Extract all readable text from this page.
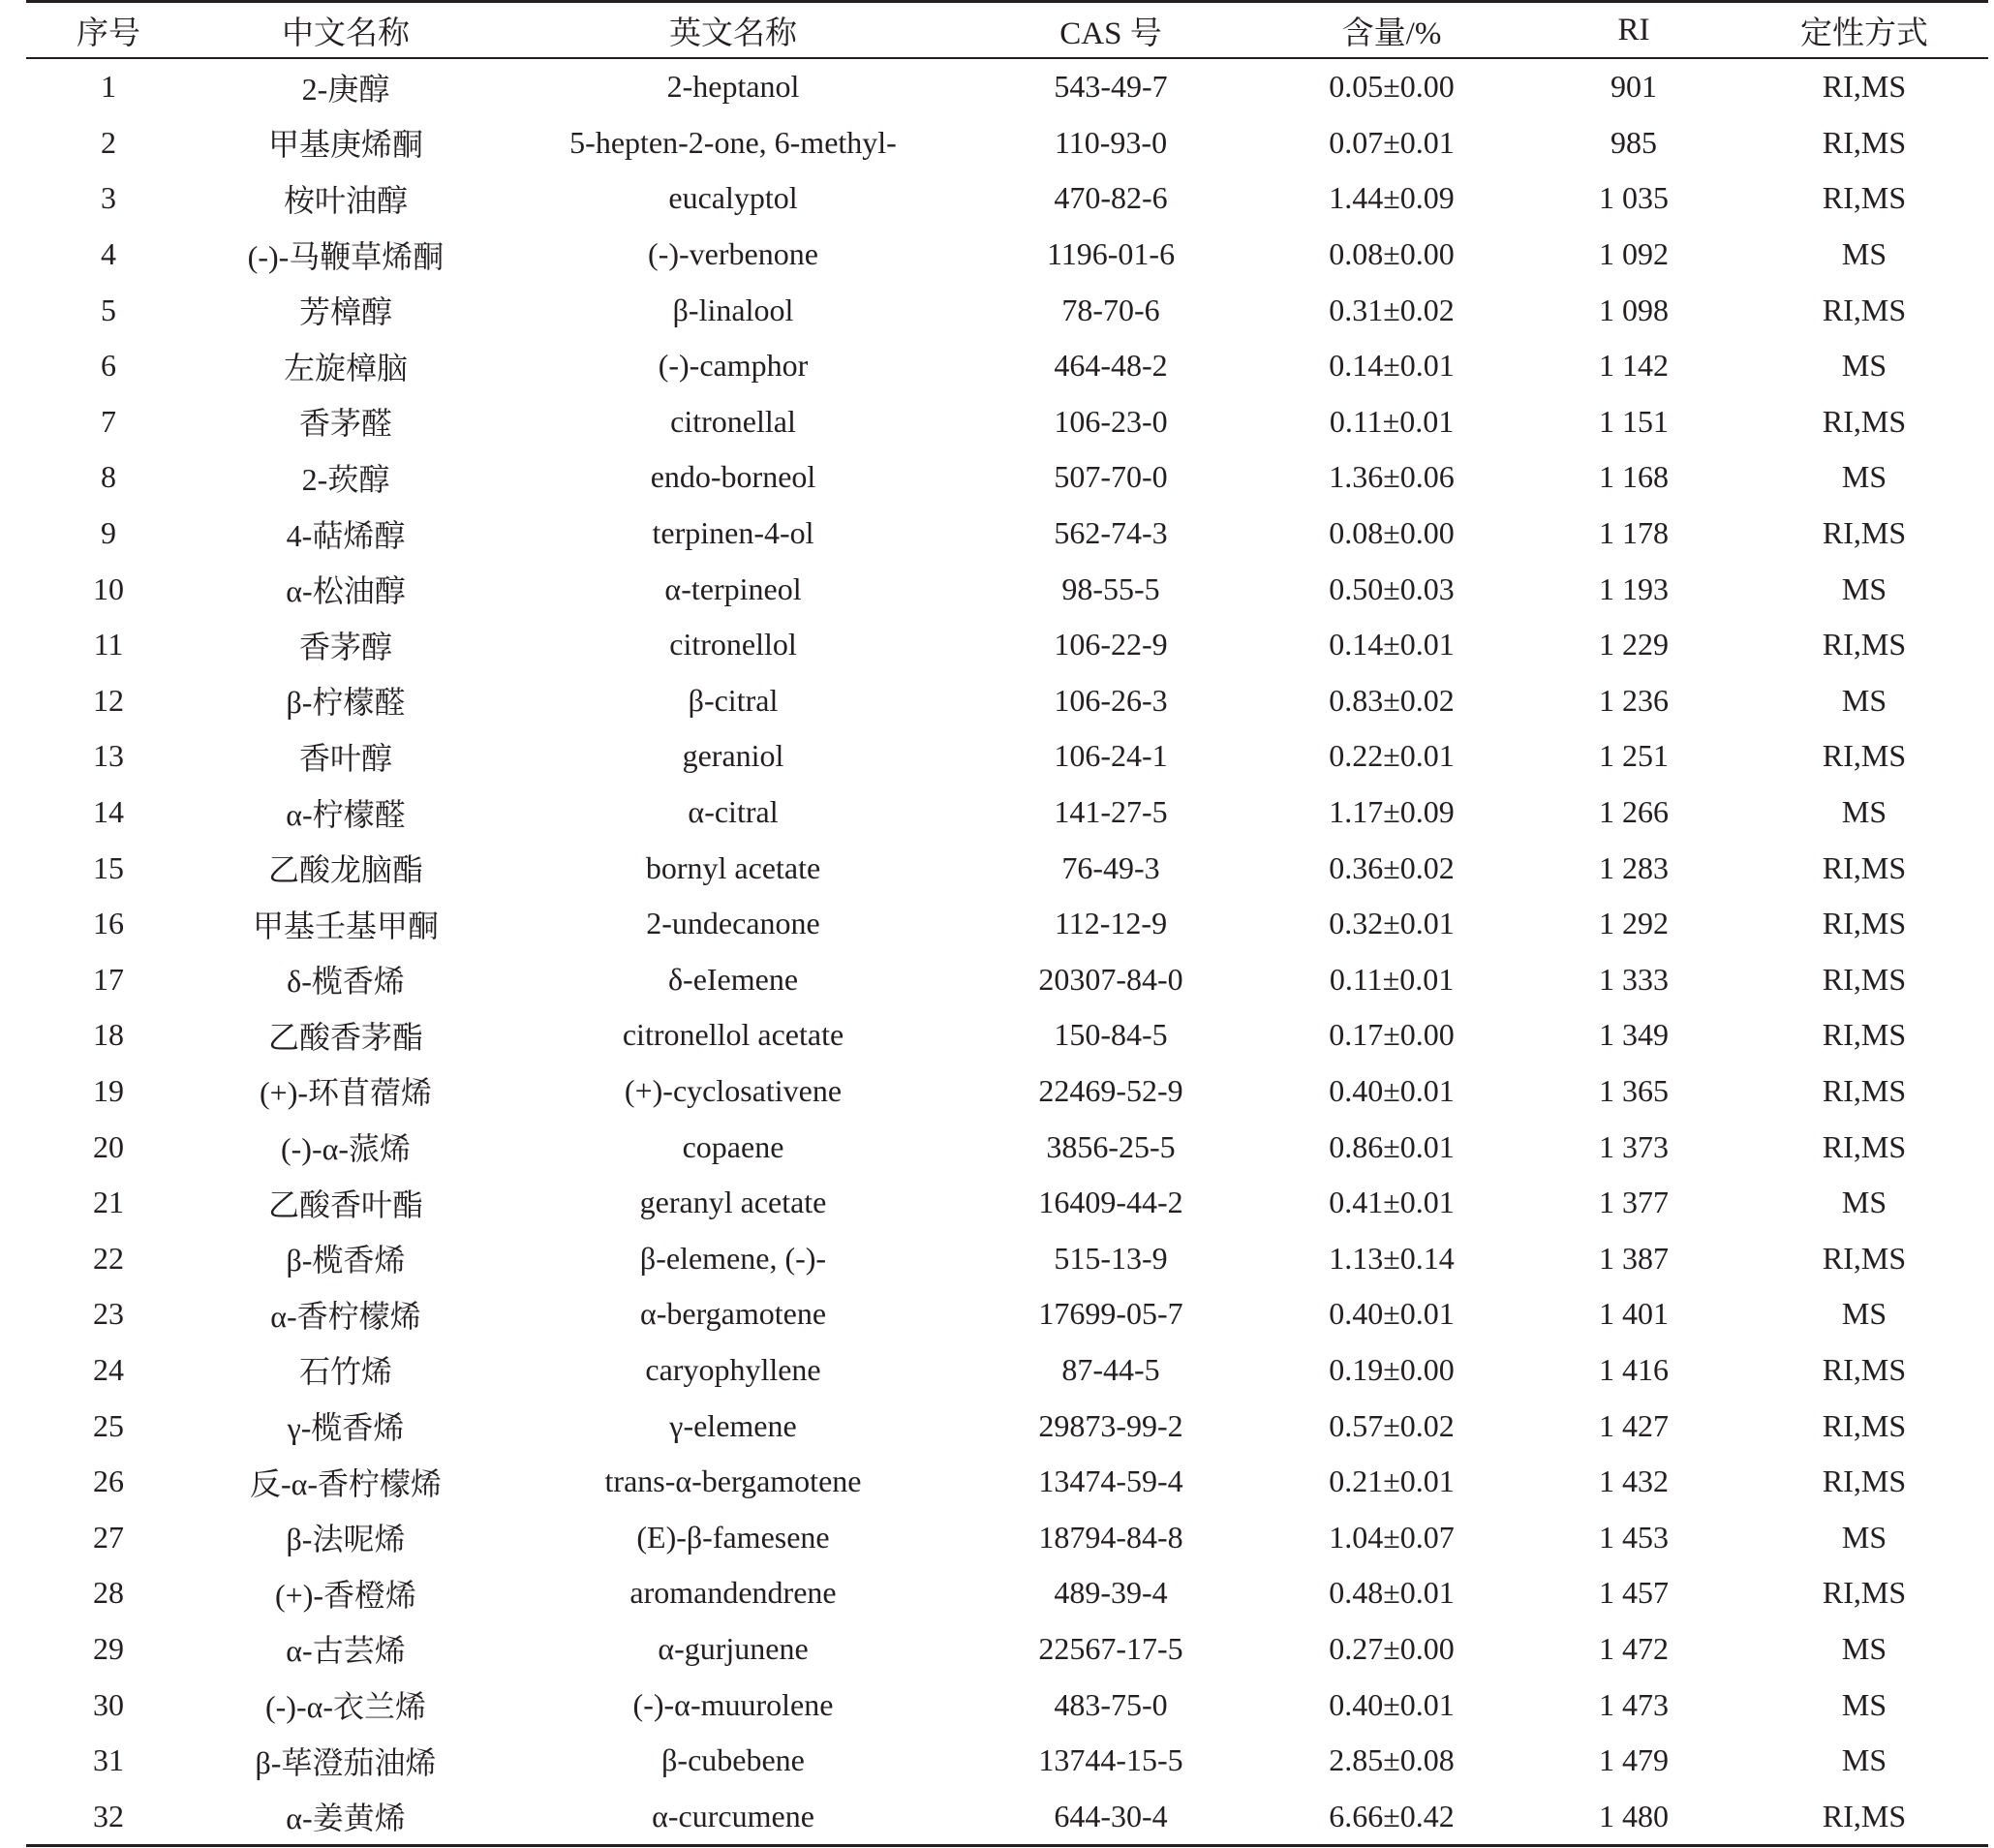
序号	中文名称	英文名称	CAS 号	含量/%	RI	定性方式
1	2-庚醇	2-heptanol	543-49-7	0.05±0.00	901	RI,MS
2	甲基庚烯酮	5-hepten-2-one, 6-methyl-	110-93-0	0.07±0.01	985	RI,MS
3	桉叶油醇	eucalyptol	470-82-6	1.44±0.09	1 035	RI,MS
4	(-)-马鞭草烯酮	(-)-verbenone	1196-01-6	0.08±0.00	1 092	MS
5	芳樟醇	β-linalool	78-70-6	0.31±0.02	1 098	RI,MS
6	左旋樟脑	(-)-camphor	464-48-2	0.14±0.01	1 142	MS
7	香茅醛	citronellal	106-23-0	0.11±0.01	1 151	RI,MS
8	2-莰醇	endo-borneol	507-70-0	1.36±0.06	1 168	MS
9	4-萜烯醇	terpinen-4-ol	562-74-3	0.08±0.00	1 178	RI,MS
10	α-松油醇	α-terpineol	98-55-5	0.50±0.03	1 193	MS
11	香茅醇	citronellol	106-22-9	0.14±0.01	1 229	RI,MS
12	β-柠檬醛	β-citral	106-26-3	0.83±0.02	1 236	MS
13	香叶醇	geraniol	106-24-1	0.22±0.01	1 251	RI,MS
14	α-柠檬醛	α-citral	141-27-5	1.17±0.09	1 266	MS
15	乙酸龙脑酯	bornyl acetate	76-49-3	0.36±0.02	1 283	RI,MS
16	甲基壬基甲酮	2-undecanone	112-12-9	0.32±0.01	1 292	RI,MS
17	δ-榄香烯	δ-eIemene	20307-84-0	0.11±0.01	1 333	RI,MS
18	乙酸香茅酯	citronellol acetate	150-84-5	0.17±0.00	1 349	RI,MS
19	(+)-环苜蓿烯	(+)-cyclosativene	22469-52-9	0.40±0.01	1 365	RI,MS
20	(-)-α-蒎烯	copaene	3856-25-5	0.86±0.01	1 373	RI,MS
21	乙酸香叶酯	geranyl acetate	16409-44-2	0.41±0.01	1 377	MS
22	β-榄香烯	β-elemene, (-)-	515-13-9	1.13±0.14	1 387	RI,MS
23	α-香柠檬烯	α-bergamotene	17699-05-7	0.40±0.01	1 401	MS
24	石竹烯	caryophyllene	87-44-5	0.19±0.00	1 416	RI,MS
25	γ-榄香烯	γ-elemene	29873-99-2	0.57±0.02	1 427	RI,MS
26	反-α-香柠檬烯	trans-α-bergamotene	13474-59-4	0.21±0.01	1 432	RI,MS
27	β-法呢烯	(E)-β-famesene	18794-84-8	1.04±0.07	1 453	MS
28	(+)-香橙烯	aromandendrene	489-39-4	0.48±0.01	1 457	RI,MS
29	α-古芸烯	α-gurjunene	22567-17-5	0.27±0.00	1 472	MS
30	(-)-α-衣兰烯	(-)-α-muurolene	483-75-0	0.40±0.01	1 473	MS
31	β-荜澄茄油烯	β-cubebene	13744-15-5	2.85±0.08	1 479	MS
32	α-姜黄烯	α-curcumene	644-30-4	6.66±0.42	1 480	RI,MS
